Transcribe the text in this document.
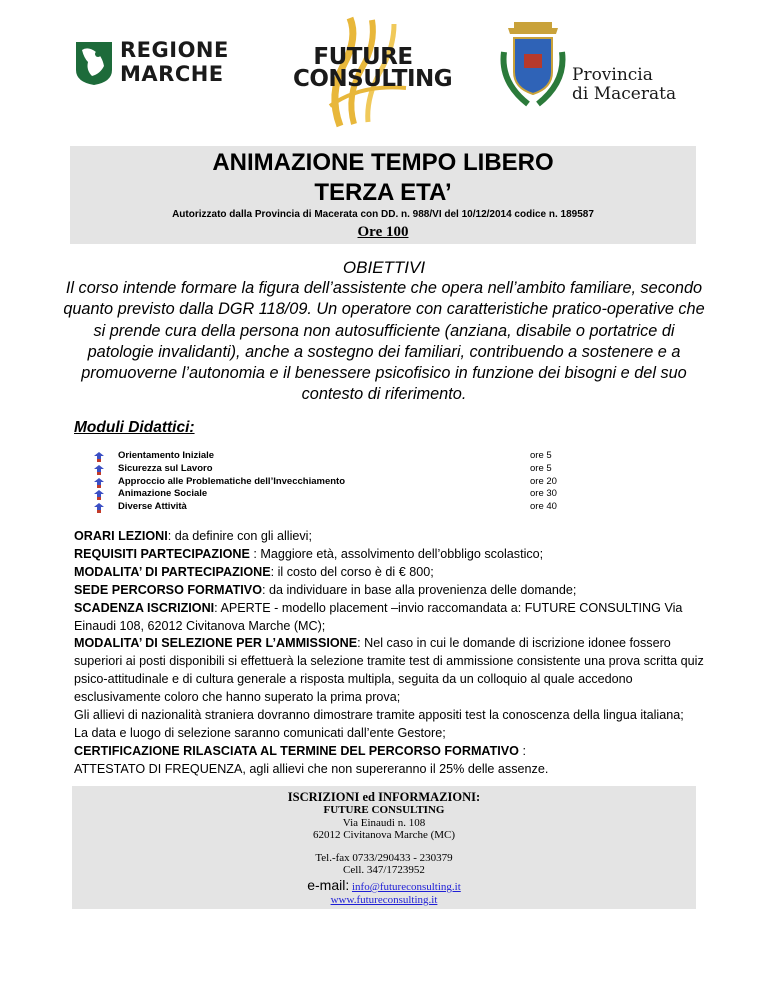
REGIONE
MARCHE
FUTURE
CONSULTING	Provincia
di Macerata
ANIMAZIONE TEMPO LIBERO
TERZA ETA’
Autorizzato dalla Provincia di Macerata con DD. n. 988/VI del 10/12/2014 codice n. 189587
Ore 100
OBIETTIVI
Il corso intende formare la figura dell’assistente che opera nell’ambito familiare, secondo quanto previsto dalla DGR 118/09. Un operatore con caratteristiche pratico-operative che si prende cura della persona non autosufficiente (anziana, disabile o portatrice di patologie invalidanti), anche a sostegno dei familiari, contribuendo a sostenere e a promuoverne l’autonomia e il benessere psicofisico in funzione dei bisogni e del suo contesto di riferimento.
Moduli Didattici:
Orientamento Iniziale	ore 5
Sicurezza sul Lavoro	ore 5
Approccio alle Problematiche dell’Invecchiamento	ore 20
Animazione Sociale	ore 30
Diverse Attività	ore 40

ORARI LEZIONI: da definire con gli allievi;

REQUISITI PARTECIPAZIONE : Maggiore età, assolvimento dell’obbligo scolastico;

MODALITA’ DI PARTECIPAZIONE: il costo del corso è di € 800;

SEDE PERCORSO FORMATIVO: da individuare in base alla provenienza delle domande;

SCADENZA ISCRIZIONI: APERTE - modello placement –invio raccomandata a: FUTURE CONSULTING Via Einaudi 108, 62012 Civitanova Marche (MC);

MODALITA’ DI SELEZIONE PER L’AMMISSIONE: Nel caso in cui le domande di iscrizione idonee fossero superiori ai posti disponibili si effettuerà la selezione tramite test di ammissione consistente una prova scritta quiz psico-attitudinale e di cultura generale a risposta multipla, seguita da un colloquio al quale accedono esclusivamente coloro che hanno superato la prima prova;

Gli allievi di nazionalità straniera dovranno dimostrare tramite appositi test la conoscenza della lingua italiana;

La data e luogo di selezione saranno comunicati dall’ente Gestore;

CERTIFICAZIONE RILASCIATA AL TERMINE DEL PERCORSO FORMATIVO :

ATTESTATO DI FREQUENZA, agli allievi che non supereranno il 25% delle assenze.

ISCRIZIONI ed INFORMAZIONI:
FUTURE CONSULTING
Via Einaudi n. 108
62012 Civitanova Marche (MC)
Tel.-fax 0733/290433 - 230379
Cell. 347/1723952
e-mail: info@futureconsulting.it
www.futureconsulting.it
